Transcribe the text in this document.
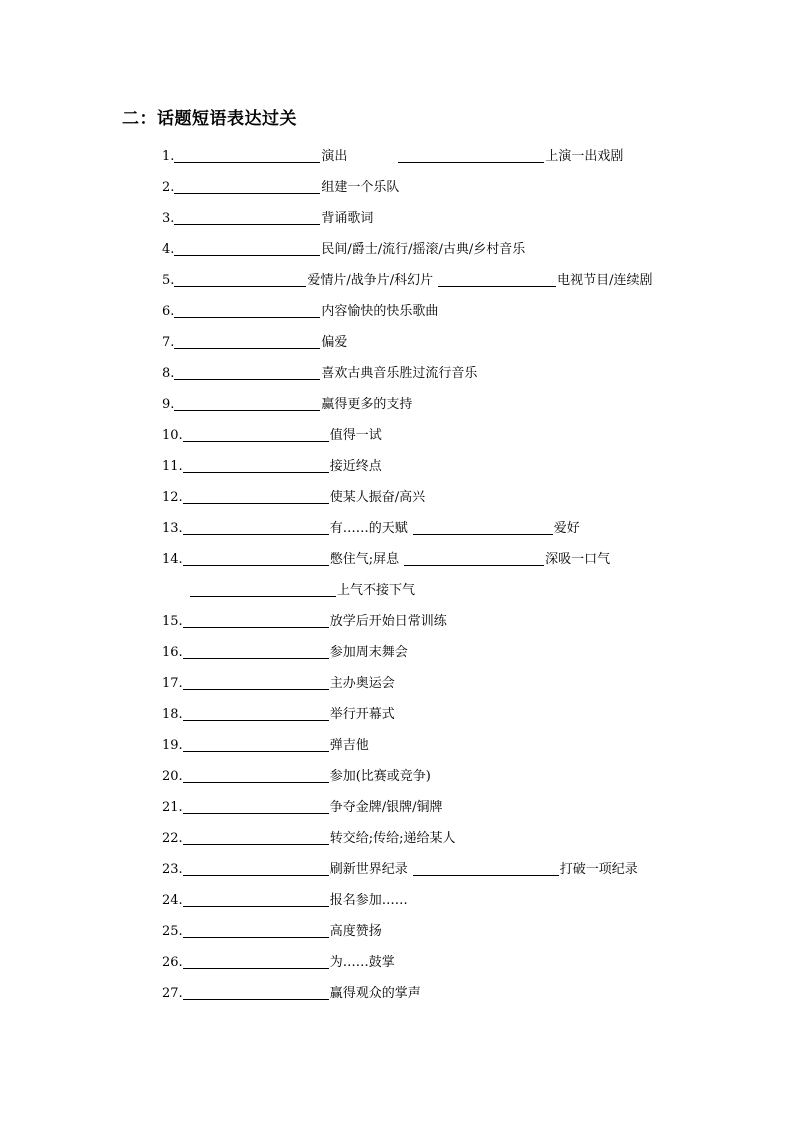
二：话题短语表达过关
1.	演出	上演一出戏剧
2.	组建一个乐队
3.	背诵歌词
4.	民间/爵士/流行/摇滚/古典/乡村音乐
5.	爱情片/战争片/科幻片	电视节目/连续剧
6.	内容愉快的快乐歌曲
7.	偏爱
8.	喜欢古典音乐胜过流行音乐
9.	赢得更多的支持
10.	值得一试
11.	接近终点
12.	使某人振奋/高兴
13.	有……的天赋	爱好
14.	憋住气;屏息	深吸一口气
上气不接下气
15.	放学后开始日常训练
16.	参加周末舞会
17.	主办奥运会
18.	举行开幕式
19.	弹吉他
20.	参加(比赛或竞争)
21.	争夺金牌/银牌/铜牌
22.	转交给;传给;递给某人
23.	刷新世界纪录	打破一项纪录
24.	报名参加……
25.	高度赞扬
26.	为……鼓掌
27.	赢得观众的掌声
